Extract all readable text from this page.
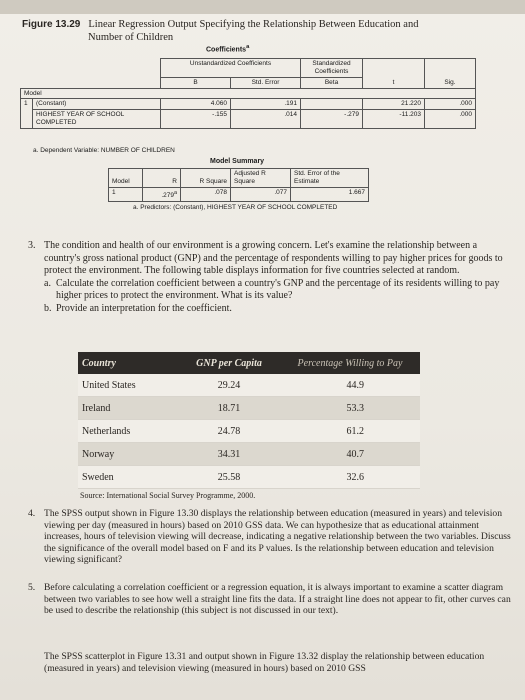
Figure 13.29 Linear Regression Output Specifying the Relationship Between Education and
Number of Children
Coefficients$^a$
		Unstandardized Coefficients		Standardized Coefficients	t	Sig.
		B	Std. Error	Beta		
Model						
1	(Constant)	4.060	.191		21.220	.000
	HIGHEST YEAR OF SCHOOL COMPLETED	-.155	.014	-.279	-11.203	.000
a. Dependent Variable: NUMBER OF CHILDREN
Model Summary
Model	R	R Square	Adjusted R Square	Std. Error of the Estimate
1	.279$^a$	.078	.077	1.667
a. Predictors: (Constant), HIGHEST YEAR OF SCHOOL COMPLETED
3. The condition and health of our environment is a growing concern. Let's examine the relationship between a country's gross national product (GNP) and the percentage of respondents willing to pay higher prices for goods to protect the environment. The following table displays information for five countries selected at random.
a. Calculate the correlation coefficient between a country's GNP and the percentage of its residents willing to pay higher prices to protect the environment. What is its value?
b. Provide an interpretation for the coefficient.
Country	GNP per Capita	Percentage Willing to Pay
United States	29.24	44.9
Ireland	18.71	53.3
Netherlands	24.78	61.2
Norway	34.31	40.7
Sweden	25.58	32.6
Source: International Social Survey Programme, 2000.
4. The SPSS output shown in Figure 13.30 displays the relationship between education (measured in years) and television viewing per day (measured in hours) based on 2010 GSS data. We can hypothesize that as educational attainment increases, hours of television viewing will decrease, indicating a negative relationship between the two variables. Discuss the significance of the overall model based on F and its P values. Is the relationship between education and television viewing significant?
5. Before calculating a correlation coefficient or a regression equation, it is always important to examine a scatter diagram between two variables to see how well a straight line fits the data. If a straight line does not appear to fit, other curves can be used to describe the relationship (this subject is not discussed in our text).
The SPSS scatterplot in Figure 13.31 and output shown in Figure 13.32 display the relationship between education (measured in years) and television viewing (measured in hours) based on 2010 GSS
